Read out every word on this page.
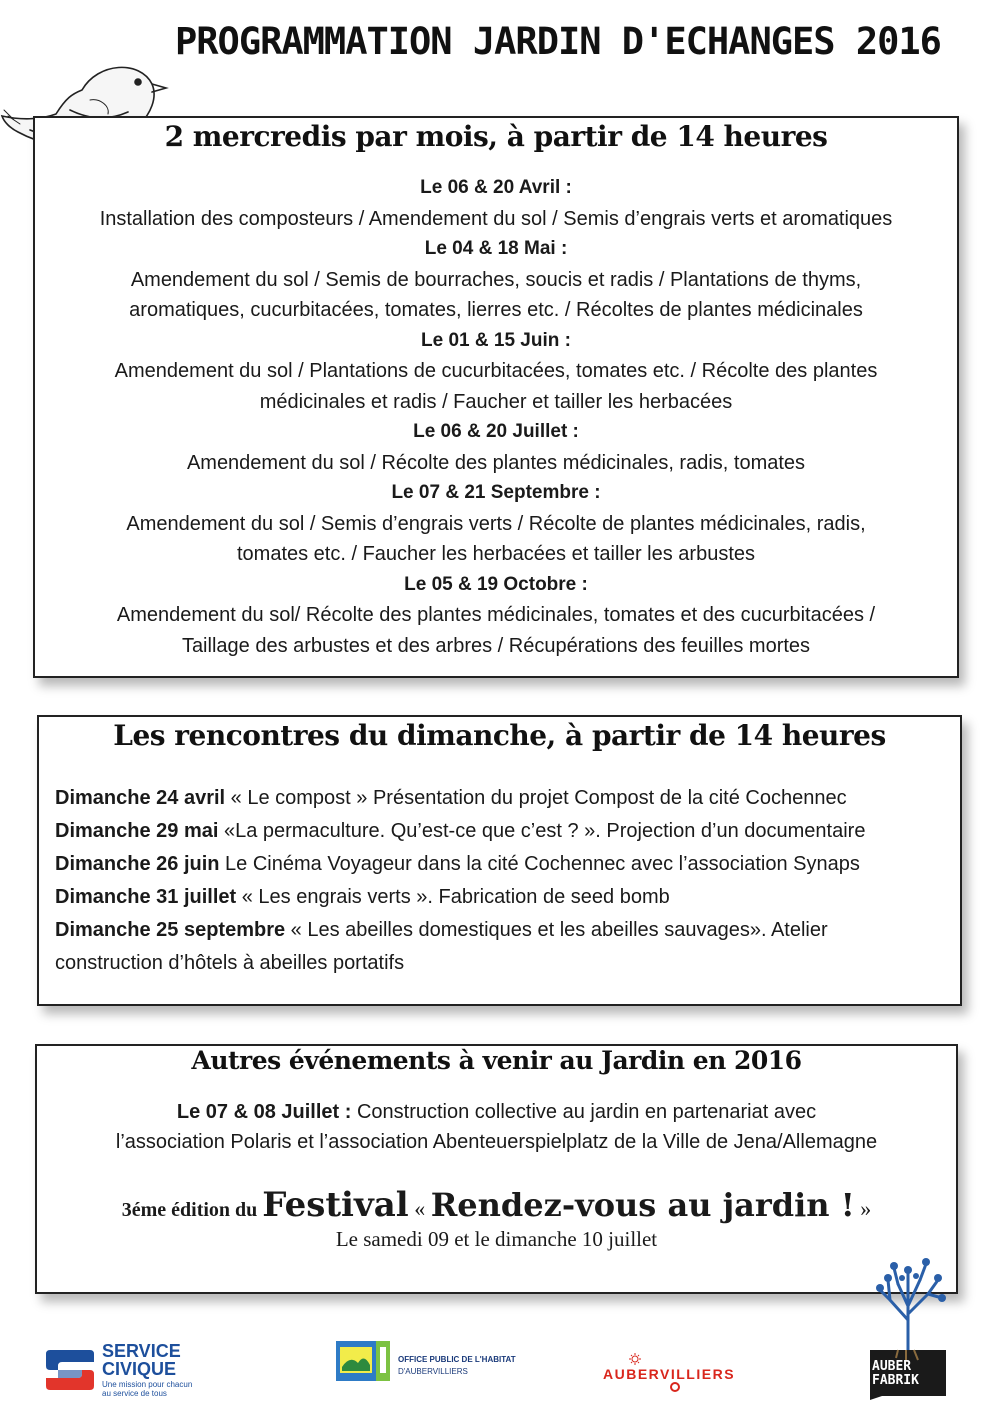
PROGRAMMATION JARDIN D'ECHANGES 2016
2 mercredis par mois, à partir de 14 heures
Le 06 & 20 Avril :
Installation des composteurs / Amendement du sol / Semis d’engrais verts et aromatiques
Le 04 & 18 Mai :
Amendement du sol / Semis de bourraches, soucis et radis / Plantations de thyms,
aromatiques, cucurbitacées, tomates, lierres etc. / Récoltes de plantes médicinales
Le 01 & 15 Juin :
Amendement du sol / Plantations de cucurbitacées, tomates etc. / Récolte des plantes
médicinales et radis / Faucher et tailler les herbacées
Le 06 & 20 Juillet :
Amendement du sol / Récolte des plantes médicinales, radis, tomates
Le 07 & 21 Septembre :
Amendement du sol / Semis d’engrais verts / Récolte de plantes médicinales, radis,
tomates etc. / Faucher les herbacées et tailler les arbustes
Le 05 & 19 Octobre :
Amendement du sol/ Récolte des plantes médicinales, tomates et des cucurbitacées /
Taillage des arbustes et des arbres / Récupérations des feuilles mortes
Les rencontres du dimanche, à partir de 14 heures
Dimanche 24 avril « Le compost » Présentation du projet Compost de la cité Cochennec
Dimanche 29 mai «La permaculture. Qu’est-ce que c’est ? ». Projection d’un documentaire
Dimanche 26 juin Le Cinéma Voyageur dans la cité Cochennec avec l’association Synaps
Dimanche 31 juillet « Les engrais verts ». Fabrication de seed bomb
Dimanche 25 septembre « Les abeilles domestiques et les abeilles sauvages». Atelier
construction d’hôtels à abeilles portatifs
Autres événements à venir au Jardin en 2016
Le 07 & 08 Juillet : Construction collective au jardin en partenariat avec
l’association Polaris et l’association Abenteuerspielplatz de la Ville de Jena/Allemagne
3éme édition du Festival « Rendez-vous au jardin ! »
Le samedi 09 et le dimanche 10 juillet
SERVICE
CIVIQUE
Une mission pour chacun au service de tous
OFFICE PUBLIC DE L'HABITAT
D'AUBERVILLIERS	AUBERVILLIERS	AUBER
FABRIK
